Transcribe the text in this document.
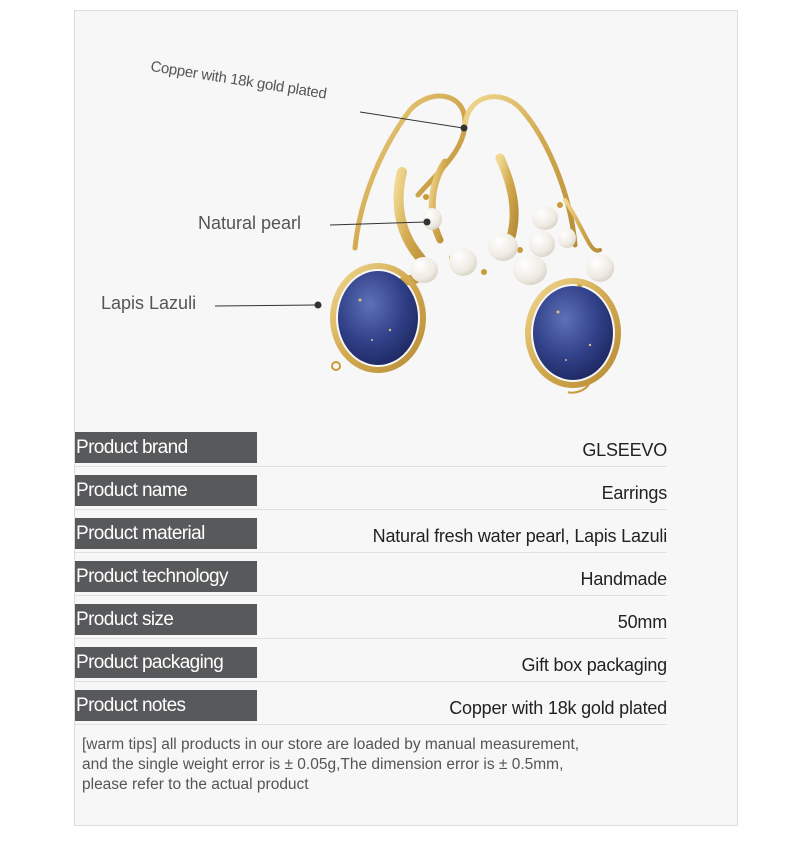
Copper with 18k gold plated
Natural pearl
Lapis Lazuli
Product brand	GLSEEVO
Product name	Earrings
Product material	Natural fresh water pearl, Lapis Lazuli
Product technology	Handmade
Product size	50mm
Product packaging	Gift box packaging
Product notes	Copper with 18k gold plated
[warm tips] all products in our store are loaded by manual measurement,
and the single weight error is ± 0.05g,The dimension error is ± 0.5mm,
please refer to the actual product
